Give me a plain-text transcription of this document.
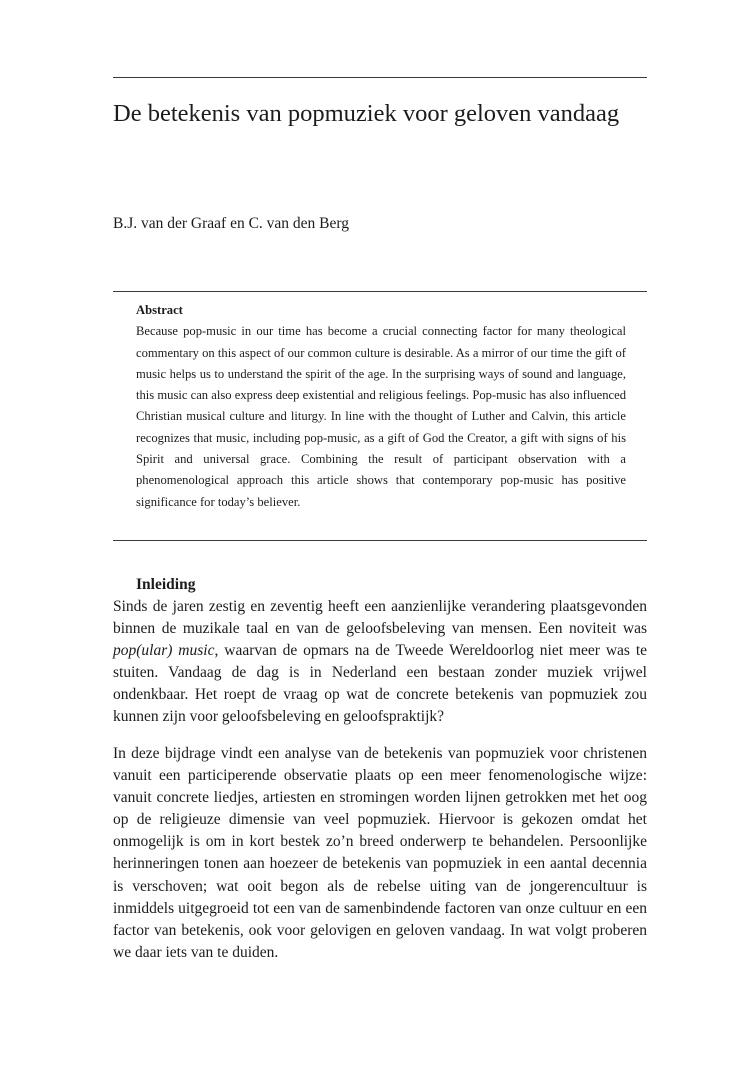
De betekenis van popmuziek voor geloven vandaag

B.J. van der Graaf en C. van den Berg

Abstract

Because pop-music in our time has become a crucial connecting factor for many theological commentary on this aspect of our common culture is desirable. As a mirror of our time the gift of music helps us to understand the spirit of the age. In the surprising ways of sound and language, this music can also express deep existential and religious feelings. Pop-music has also influenced Christian musical culture and liturgy. In line with the thought of Luther and Calvin, this article recognizes that music, including pop-music, as a gift of God the Creator, a gift with signs of his Spirit and universal grace. Combining the result of participant observation with a phenomenological approach this article shows that contemporary pop-music has positive significance for today’s believer.

Inleiding

Sinds de jaren zestig en zeventig heeft een aanzienlijke verandering plaatsgevonden binnen de muzikale taal en van de geloofsbeleving van mensen. Een noviteit was pop(ular) music, waarvan de opmars na de Tweede Wereldoorlog niet meer was te stuiten. Vandaag de dag is in Nederland een bestaan zonder muziek vrijwel ondenkbaar. Het roept de vraag op wat de concrete betekenis van popmuziek zou kunnen zijn voor geloofsbeleving en geloofspraktijk?

In deze bijdrage vindt een analyse van de betekenis van popmuziek voor christenen vanuit een participerende observatie plaats op een meer fenomenologische wijze: vanuit concrete liedjes, artiesten en stromingen worden lijnen getrokken met het oog op de religieuze dimensie van veel popmuziek. Hiervoor is gekozen omdat het onmogelijk is om in kort bestek zo’n breed onderwerp te behandelen. Persoonlijke herinneringen tonen aan hoezeer de betekenis van popmuziek in een aantal decennia is verschoven; wat ooit begon als de rebelse uiting van de jongerencultuur is inmiddels uitgegroeid tot een van de samenbindende factoren van onze cultuur en een factor van betekenis, ook voor gelovigen en geloven vandaag. In wat volgt proberen we daar iets van te duiden.
